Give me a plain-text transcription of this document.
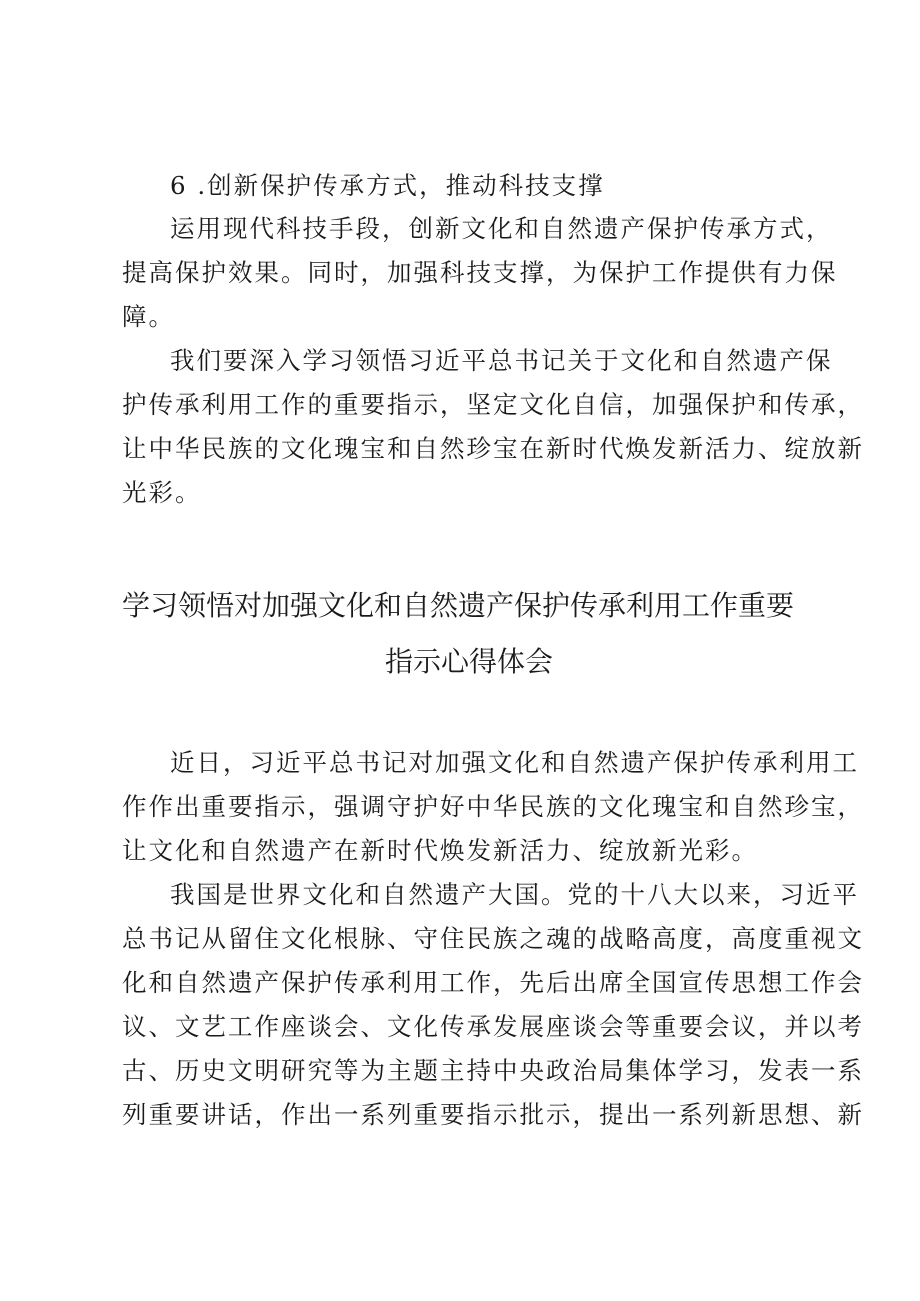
6 .创新保护传承方式，推动科技支撑

运用现代科技手段，创新文化和自然遗产保护传承方式，

提高保护效果。同时，加强科技支撑，为保护工作提供有力保

障。

我们要深入学习领悟习近平总书记关于文化和自然遗产保

护传承利用工作的重要指示，坚定文化自信，加强保护和传承，

让中华民族的文化瑰宝和自然珍宝在新时代焕发新活力、绽放新

光彩。

学习领悟对加强文化和自然遗产保护传承利用工作重要
指示心得体会

近日，习近平总书记对加强文化和自然遗产保护传承利用工

作作出重要指示，强调守护好中华民族的文化瑰宝和自然珍宝，

让文化和自然遗产在新时代焕发新活力、绽放新光彩。

我国是世界文化和自然遗产大国。党的十八大以来，习近平

总书记从留住文化根脉、守住民族之魂的战略高度，高度重视文

化和自然遗产保护传承利用工作，先后出席全国宣传思想工作会

议、文艺工作座谈会、文化传承发展座谈会等重要会议，并以考

古、历史文明研究等为主题主持中央政治局集体学习，发表一系

列重要讲话，作出一系列重要指示批示，提出一系列新思想、新
